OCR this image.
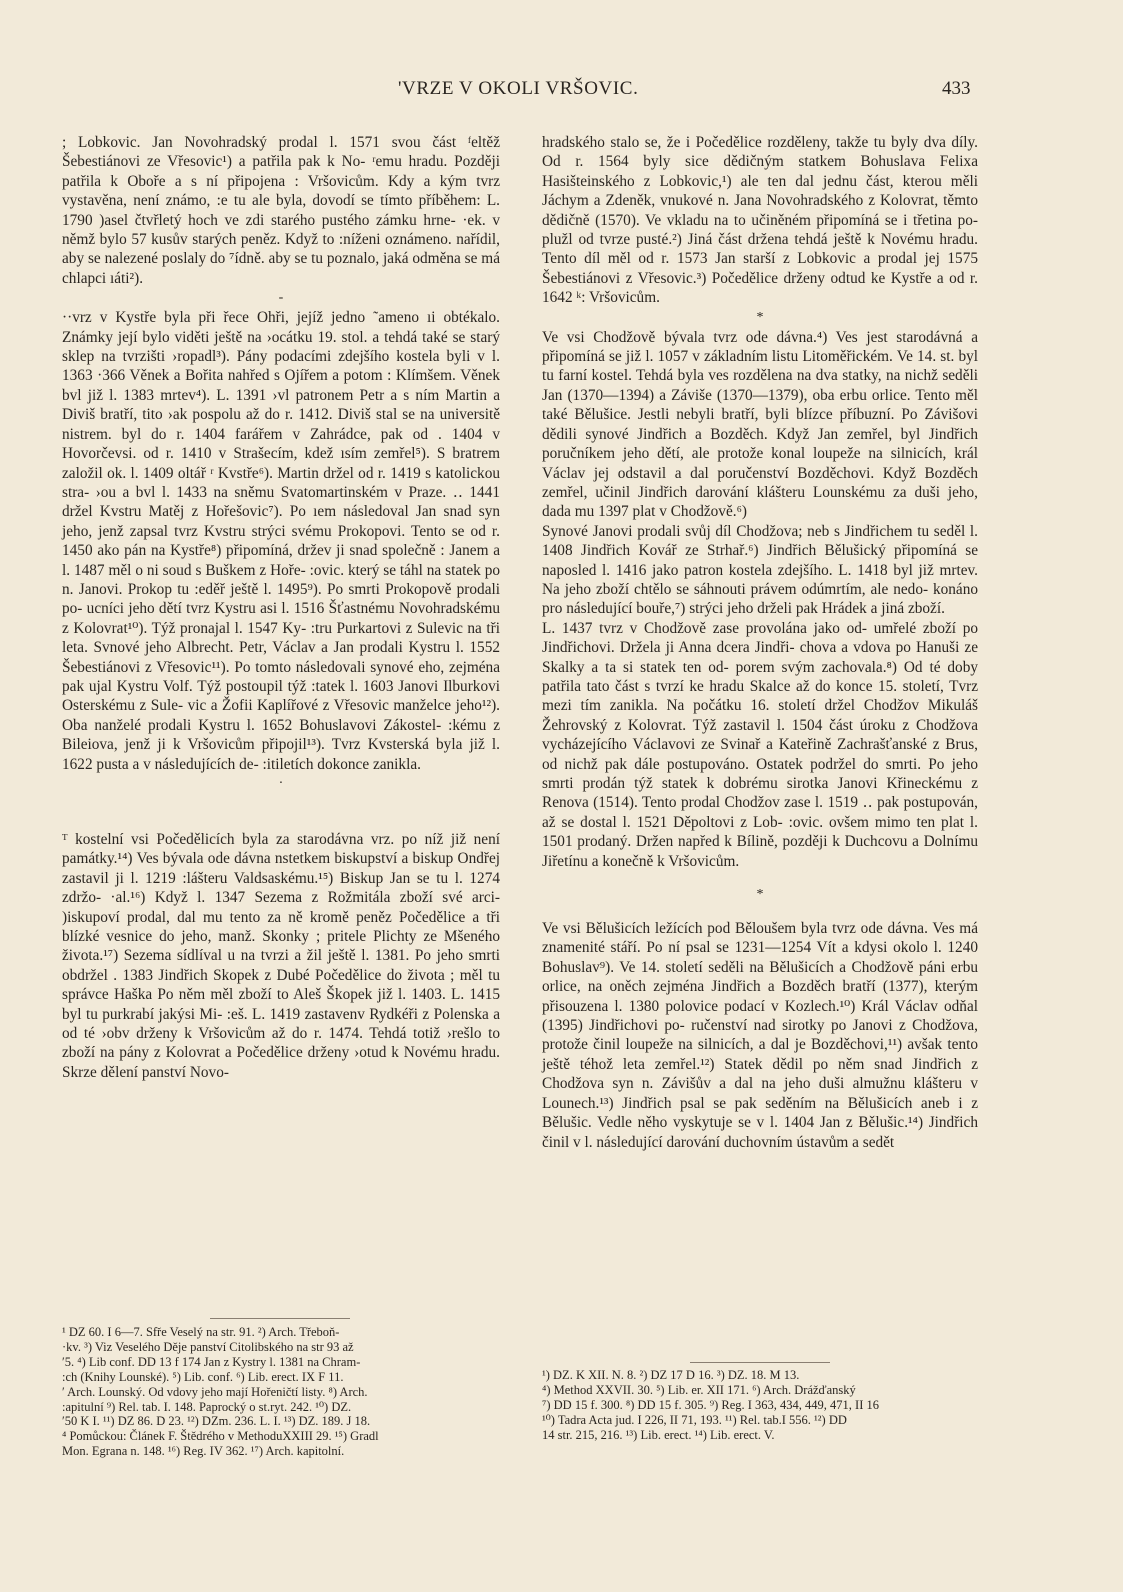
'VRZE V OKOLI VRŠOVIC.	433

; Lobkovic. Jan Novohradský prodal l. 1571 svou část ᶠeltěž Šebestiánovi ze Vřesovic¹) a patřila pak k No- ʳemu hradu. Později patřila k Oboře a s ní připojena : Vršovicům. Kdy a kým tvrz vystavěna, není známo, :e tu ale byla, dovodí se tímto příběhem: L. 1790 )asel čtvřletý hoch ve zdi starého pustého zámku hrne- ·ek. v němž bylo 57 kusův starých peněz. Když to :níženi oznámeno. nařídil, aby se nalezené poslaly do ⁷ídně. aby se tu poznalo, jaká odměna se má chlapci ıáti²).

-

··vrz v Kystře byla při řece Ohři, jejíž jedno ˜ameno ıi obtékalo. Známky její bylo viděti ještě na ›ocátku 19. stol. a tehdá také se starý sklep na tvrzišti ›ropadl³). Pány podacími zdejšího kostela byli v l. 1363 ·366 Věnek a Bořita nahřed s Ojířem a potom : Klímšem. Věnek bvl již l. 1383 mrtev⁴). L. 1391 ›vl patronem Petr a s ním Martin a Diviš bratří, tito ›ak pospolu až do r. 1412. Diviš stal se na universitě nistrem. byl do r. 1404 farářem v Zahrádce, pak od . 1404 v Hovorčevsi. od r. 1410 v Strašecím, kdež ısím zemřel⁵). S bratrem založil ok. l. 1409 oltář ʳ Kvstře⁶). Martin držel od r. 1419 s katolickou stra- ›ou a bvl l. 1433 na sněmu Svatomartinském v Praze. ‥ 1441 držel Kvstru Matěj z Hořešovic⁷). Po ıem následoval Jan snad syn jeho, jenž zapsal tvrz Kvstru strýci svému Prokopovi. Tento se od r. 1450 ako pán na Kystře⁸) připomíná, držev ji snad společně : Janem a l. 1487 měl o ni soud s Buškem z Hoře- :ovic. který se táhl na statek po n. Janovi. Prokop tu :eděř ještě l. 1495⁹). Po smrti Prokopově prodali po- ucníci jeho dětí tvrz Kystru asi l. 1516 Šťastnému Novohradskému z Kolovrat¹⁰). Týž pronajal l. 1547 Ky- :tru Purkartovi z Sulevic na tři leta. Svnové jeho Albrecht. Petr, Václav a Jan prodali Kystru l. 1552 Šebestiánovi z Vřesovic¹¹). Po tomto následovali synové eho, zejména pak ujal Kystru Volf. Týž postoupil týž :tatek l. 1603 Janovi Ilburkovi Osterskému z Sule- vic a Žofii Kaplířové z Vřesovic manželce jeho¹²). Oba nanželé prodali Kystru l. 1652 Bohuslavovi Zákostel- :kému z Bileiova, jenž ji k Vršovicům připojil¹³). Tvrz Kvsterská byla již l. 1622 pusta a v následujících de- :itiletích dokonce zanikla.

·

ᵀ kostelní vsi Počedělicích byla za starodávna vrz. po níž již není památky.¹⁴) Ves bývala ode dávna nstetkem biskupství a biskup Ondřej zastavil ji l. 1219 :lášteru Valdsaskému.¹⁵) Biskup Jan se tu l. 1274 zdržo- ·al.¹⁶) Když l. 1347 Sezema z Rožmitála zboží své arci- )iskupoví prodal, dal mu tento za ně kromě peněz Počedělice a tři blízké vesnice do jeho, manž. Skonky ; pritele Plichty ze Mšeného života.¹⁷) Sezema sídlíval u na tvrzi a žil ještě l. 1381. Po jeho smrti obdržel . 1383 Jindřich Skopek z Dubé Počedělice do života ; měl tu správce Haška Po něm měl zboží to Aleš Škopek již l. 1403. L. 1415 byl tu purkrabí jakýsi Mi- :eš. L. 1419 zastavenv Rydkéři z Polenska a od té ›obv drženy k Vršovicům až do r. 1474. Tehdá totiž ›rešlo to zboží na pány z Kolovrat a Počedělice drženy ›otud k Novému hradu. Skrze dělení panství Novo-

hradského stalo se, že i Počedělice rozděleny, takže tu byly dva díly. Od r. 1564 byly sice dědičným statkem Bohuslava Felixa Hasišteinského z Lobkovic,¹) ale ten dal jednu část, kterou měli Jáchym a Zdeněk, vnukové n. Jana Novohradského z Kolovrat, těmto dědičně (1570). Ve vkladu na to učiněném připomíná se i třetina po- plužl od tvrze pusté.²) Jiná část držena tehdá ještě k Novému hradu. Tento díl měl od r. 1573 Jan starší z Lobkovic a prodal jej 1575 Šebestiánovi z Vřesovic.³) Počedělice drženy odtud ke Kystře a od r. 1642 ᵏ: Vršovicům.

*

Ve vsi Chodžově bývala tvrz ode dávna.⁴) Ves jest starodávná a připomíná se již l. 1057 v základním listu Litoměřickém. Ve 14. st. byl tu farní kostel. Tehdá byla ves rozdělena na dva statky, na nichž seděli Jan (1370—1394) a Záviše (1370—1379), oba erbu orlice. Tento měl také Bělušice. Jestli nebyli bratří, byli blízce příbuzní. Po Závišovi dědili synové Jindřich a Bozděch. Když Jan zemřel, byl Jindřich poručníkem jeho dětí, ale protože konal loupeže na silnicích, král Václav jej odstavil a dal poručenství Bozděchovi. Když Bozděch zemřel, učinil Jindřich darování klášteru Lounskému za duši jeho, dada mu 1397 plat v Chodžově.⁶)

Synové Janovi prodali svůj díl Chodžova; neb s Jindřichem tu seděl l. 1408 Jindřich Kovář ze Strhař.⁶) Jindřich Bělušický připomíná se naposled l. 1416 jako patron kostela zdejšího. L. 1418 byl již mrtev. Na jeho zboží chtělo se sáhnouti právem odúmrtím, ale nedo- konáno pro následující bouře,⁷) strýci jeho drželi pak Hrádek a jiná zboží.

L. 1437 tvrz v Chodžově zase provolána jako od- umřelé zboží po Jindřichovi. Držela ji Anna dcera Jindři- chova a vdova po Hanuši ze Skalky a ta si statek ten od- porem svým zachovala.⁸) Od té doby patřila tato část s tvrzí ke hradu Skalce až do konce 15. století, Tvrz mezi tím zanikla. Na počátku 16. století držel Chodžov Mikuláš Žehrovský z Kolovrat. Týž zastavil l. 1504 část úroku z Chodžova vycházejícího Václavovi ze Svinař a Kateřině Zachrašťanské z Brus, od nichž pak dále postupováno. Ostatek podržel do smrti. Po jeho smrti prodán týž statek k dobrému sirotka Janovi Křineckému z Renova (1514). Tento prodal Chodžov zase l. 1519 ‥ pak postupován, až se dostal l. 1521 Děpoltovi z Lob- :ovic. ovšem mimo ten plat l. 1501 prodaný. Držen napřed k Bílině, později k Duchcovu a Dolnímu Jiřetínu a konečně k Vršovicům.

*

Ve vsi Bělušicích ležících pod Běloušem byla tvrz ode dávna. Ves má znamenité stáří. Po ní psal se 1231—1254 Vít a kdysi okolo l. 1240 Bohuslav⁹). Ve 14. století seděli na Bělušicích a Chodžově páni erbu orlice, na oněch zejména Jindřich a Bozděch bratří (1377), kterým přisouzena l. 1380 polovice podací v Kozlech.¹⁰) Král Václav odňal (1395) Jindřichovi po- ručenství nad sirotky po Janovi z Chodžova, protože činil loupeže na silnicích, a dal je Bozděchovi,¹¹) avšak tento ještě téhož leta zemřel.¹²) Statek dědil po něm snad Jindřich z Chodžova syn n. Závišův a dal na jeho duši almužnu klášteru v Lounech.¹³) Jindřich psal se pak seděním na Bělušicích aneb i z Bělušic. Vedle něho vyskytuje se v l. 1404 Jan z Bělušic.¹⁴) Jindřich činil v l. následující darování duchovním ústavům a sedět

¹ DZ 60. I 6—7. Sfře Veselý na str. 91. ²) Arch. Třeboň-

·kv. ³) Viz Veselého Děje panství Citolibského na str 93 až

ʹ5. ⁴) Lib conf. DD 13 f 174 Jan z Kystry l. 1381 na Chram-

:ch (Knihy Lounské). ⁵) Lib. conf. ⁶) Lib. erect. IX F 11.

ʹ Arch. Lounský. Od vdovy jeho mají Hořeničtí listy. ⁸) Arch.

:apitulní ⁹) Rel. tab. I. 148. Paprocký o st.ryt. 242. ¹⁰) DZ.

ʹ50 K I. ¹¹) DZ 86. D 23. ¹²) DZm. 236. L. I. ¹³) DZ. 189. J 18.

⁴ Pomůckou: Článek F. Štědrého v MethoduXXIII 29. ¹⁵) Gradl

Mon. Egrana n. 148. ¹⁶) Reg. IV 362. ¹⁷) Arch. kapitolní.

¹) DZ. K XII. N. 8. ²) DZ 17 D 16. ³) DZ. 18. M 13.

⁴) Method XXVII. 30. ⁵) Lib. er. XII 171. ⁶) Arch. Drážďanský

⁷) DD 15 f. 300. ⁸) DD 15 f. 305. ⁹) Reg. I 363, 434, 449, 471, II 16

¹⁰) Tadra Acta jud. I 226, II 71, 193. ¹¹) Rel. tab.I 556. ¹²) DD

14 str. 215, 216. ¹³) Lib. erect. ¹⁴) Lib. erect. V.
